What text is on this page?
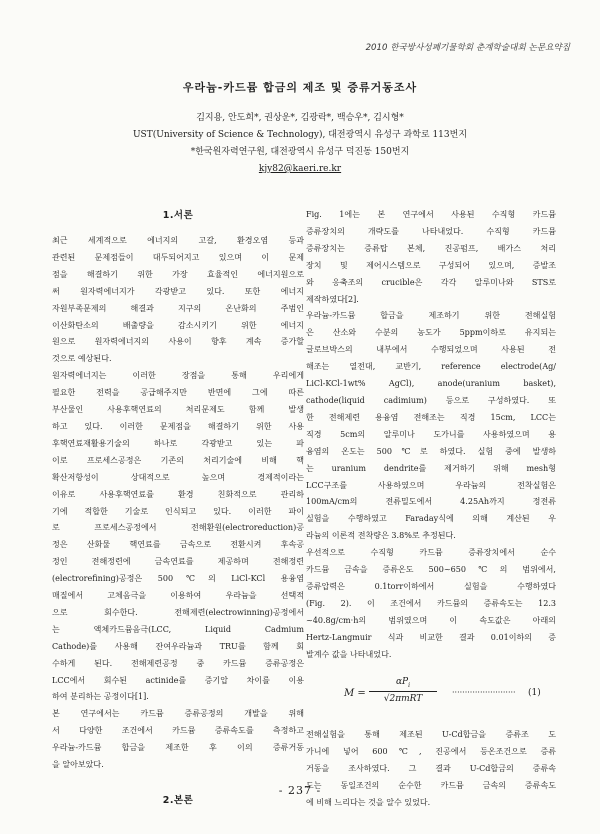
2010 한국방사성폐기물학회 춘계학술대회 논문요약집
우라늄-카드뮴 합금의 제조 및 증류거동조사
김지용, 안도희*, 권상운*, 김광락*, 백승우*, 김시형*
UST(University of Science & Technology), 대전광역시 유성구 과학로 113번지
*한국원자력연구원, 대전광역시 유성구 덕진동 150번지
kjy82@kaeri.re.kr
1.서론

최근 세계적으로 에너지의 고갈, 환경오염 등과
관련된 문제점들이 대두되어지고 있으며 이 문제
점을 해결하기 위한 가장 효율적인 에너지원으로
써 원자력에너지가 각광받고 있다. 또한 에너지
자원부족문제의 해결과 지구의 온난화의 주범인
이산화탄소의 배출량을 감소시키기 위한 에너지
원으로 원자력에너지의 사용이 향후 계속 증가할
것으로 예상된다.

원자력에너지는 이러한 장점을 통해 우리에게
필요한 전력을 공급해주지만 반면에 그에 따른
부산물인 사용후핵연료의 처리문제도 함께 발생
하고 있다. 이러한 문제점을 해결하기 위한 사용
후핵연료재활용기술의 하나로 각광받고 있는 파
이로 프로세스공정은 기존의 처리기술에 비해 핵
확산저항성이 상대적으로 높으며 경제적이라는
이유로 사용후핵연료를 환경 친화적으로 관리하
기에 적합한 기술로 인식되고 있다. 이러한 파이
로 프로세스공정에서 전해환원(electroreduction)공
정은 산화물 핵연료를 금속으로 전환시켜 후속공
정인 전해정련에 금속연료를 제공하며 전해정련
(electrorefining)공정은 500℃의 LiCl-KCl 용융염
매질에서 고체음극을 이용하여 우라늄을 선택적
으로 회수한다. 전해제련(electrowinning)공정에서
는 액체카드뮴음극(LCC, Liquid Cadmium
Cathode)를 사용해 잔여우라늄과 TRU를 함께 회
수하게 된다. 전해제련공정 중 카드뮴 증류공정은
LCC에서 회수된 actinide를 증기압 차이를 이용
하여 분리하는 공정이다[1].

본 연구에서는 카드뮴 증류공정의 개발을 위해
서 다양한 조건에서 카드뮴 증류속도를 측정하고
우라늄-카드뮴 합금을 제조한 후 이의 증류거동
을 알아보았다.

2.본론

Fig. 1에는 본 연구에서 사용된 수직형 카드뮴
증류장치의 개략도를 나타내었다. 수직형 카드뮴
증류장치는 증류탑 본체, 진공펌프, 배가스 처리
장치 및 제어시스템으로 구성되어 있으며, 증발조
와 응축조의 crucible은 각각 알루미나와 STS로
제작하였다[2].

우라늄-카드뮴 합금을 제조하기 위한 전해실험
은 산소와 수분의 농도가 5ppm이하로 유지되는
글로브박스의 내부에서 수행되었으며 사용된 전
해조는 열전대, 교반기, reference electrode(Ag/
LiCl-KCl-1wt% AgCl), anode(uranium basket),
cathode(liquid cadimium) 등으로 구성하였다. 또
한 전해제련 용융염 전해조는 직경 15cm, LCC는
직경 5cm의 알루미나 도가니를 사용하였으며 용
융염의 온도는 500℃로 하였다. 실험 중에 발생하
는 uranium dendrite를 제거하기 위해 mesh형
LCC구조를 사용하였으며 우라늄의 전착실험은
100mA/cm의 전류밀도에서 4.25Ah까지 정전류
실험을 수행하였고 Faraday식에 의해 계산된 우
라늄의 이론적 전착량은 3.8%로 추정된다.

우선적으로 수직형 카드뮴 증류장치에서 순수
카드뮴 금속을 증류온도 500~650℃의 범위에서,
증류압력은 0.1torr이하에서 실험을 수행하였다
(Fig. 2). 이 조건에서 카드뮴의 증류속도는 12.3
~40.8g/cm·h의 범위였으며 이 속도값은 아래의
Hertz-Langmuir 식과 비교한 결과 0.01이하의 증
발계수 값을 나타내었다.

M =
$\alpha P_i$
√2πmRT
························· (1)

전해실험을 통해 제조된 U-Cd합금을 증류조 도
가니에 넣어 600℃, 진공에서 등온조건으로 증류
거동을 조사하였다. 그 결과 U-Cd합금의 증류속
도는 동일조건의 순수한 카드뮴 금속의 증류속도
에 비해 느리다는 것을 알수 있었다.

- 237 -
